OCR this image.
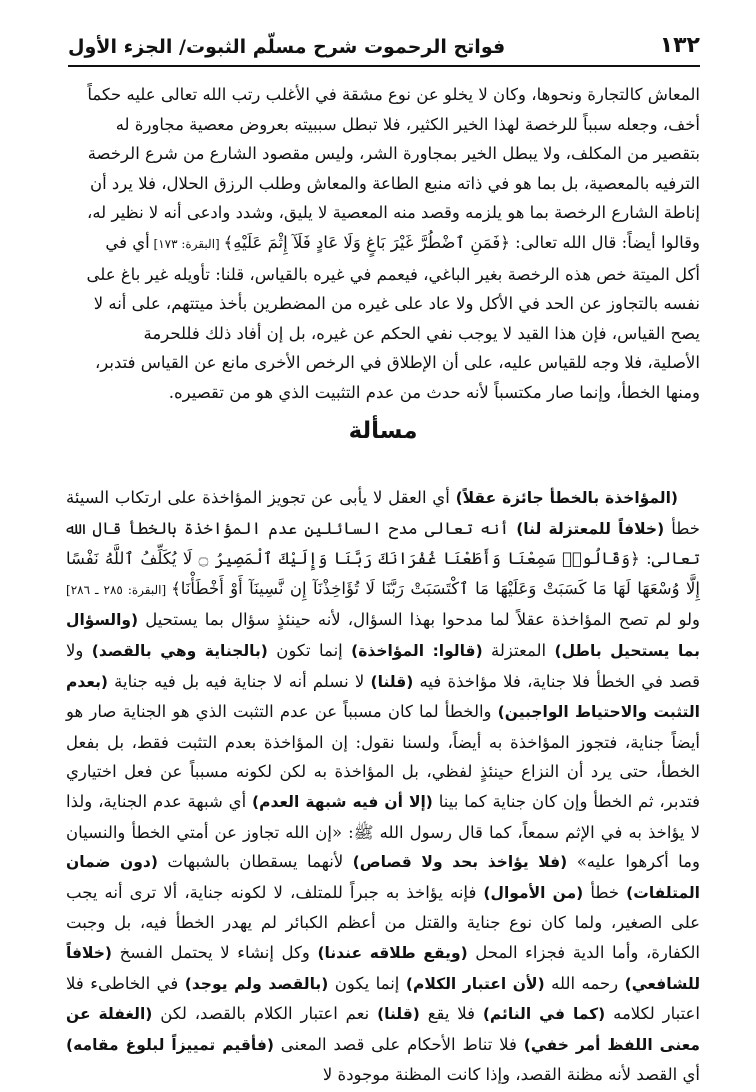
١٣٢
فواتح الرحموت شرح مسلّم الثبوت/ الجزء الأول
المعاش كالتجارة ونحوها، وكان لا يخلو عن نوع مشقة في الأغلب رتب الله تعالى عليه حكماً
أخف، وجعله سبباً للرخصة لهذا الخير الكثير، فلا تبطل سببيته بعروض معصية مجاورة له
بتقصير من المكلف، ولا يبطل الخير بمجاورة الشر، وليس مقصود الشارع من شرع الرخصة
الترفيه بالمعصية، بل بما هو في ذاته منبع الطاعة والمعاش وطلب الرزق الحلال، فلا يرد أن
إناطة الشارع الرخصة بما هو يلزمه وقصد منه المعصية لا يليق، وشدد وادعى أنه لا نظير له،
وقالوا أيضاً: قال الله تعالى: ﴿فَمَنِ ٱضْطُرَّ غَيْرَ بَاغٍ وَلَا عَادٍ فَلَآ إِثْمَ عَلَيْهِ﴾ [البقرة: ١٧٣] أي في
أكل الميتة خص هذه الرخصة بغير الباغي، فيعمم في غيره بالقياس، قلنا: تأويله غير باغ على
نفسه بالتجاوز عن الحد في الأكل ولا عاد على غيره من المضطرين بأخذ ميتتهم، على أنه لا
يصح القياس، فإن هذا القيد لا يوجب نفي الحكم عن غيره، بل إن أفاد ذلك فللحرمة
الأصلية، فلا وجه للقياس عليه، على أن الإطلاق في الرخص الأخرى مانع عن القياس فتدبر،
ومنها الخطأ، وإنما صار مكتسباً لأنه حدث من عدم التثبيت الذي هو من تقصيره.
مسألة
(المؤاخذة بالخطأ جائزة عقلاً) أي العقل لا يأبى عن تجويز المؤاخذة على ارتكاب السيئة خطأ (خلافاً للمعتزلة لنا) أنه تعالى مدح السائلين عدم المؤاخذة بالخطأ قال الله تعالى: ﴿وَقَالُوا۟ سَمِعْنَا وَأَطَعْنَا غُفْرَانَكَ رَبَّنَا وَإِلَيْكَ ٱلْمَصِيرُ ۝ لَا يُكَلِّفُ ٱللَّهُ نَفْسًا إِلَّا وُسْعَهَا لَهَا مَا كَسَبَتْ وَعَلَيْهَا مَا ٱكْتَسَبَتْ رَبَّنَا لَا تُؤَاخِذْنَآ إِن نَّسِينَآ أَوْ أَخْطَأْنَا﴾ [البقرة: ٢٨٥ ـ ٢٨٦] ولو لم تصح المؤاخذة عقلاً لما مدحوا بهذا السؤال، لأنه حينئذٍ سؤال بما يستحيل (والسؤال بما يستحيل باطل) المعتزلة (قالوا: المؤاخذة) إنما تكون (بالجناية وهي بالقصد) ولا قصد في الخطأ فلا جناية، فلا مؤاخذة فيه (قلنا) لا نسلم أنه لا جناية فيه بل فيه جناية (بعدم التثبت والاحتياط الواجبين) والخطأ لما كان مسبباً عن عدم التثبت الذي هو الجناية صار هو أيضاً جناية، فتجوز المؤاخذة به أيضاً، ولسنا نقول: إن المؤاخذة بعدم التثبت فقط، بل بفعل الخطأ، حتى يرد أن النزاع حينئذٍ لفظي، بل المؤاخذة به لكن لكونه مسبباً عن فعل اختياري فتدبر، ثم الخطأ وإن كان جناية كما بينا (إلا أن فيه شبهة العدم) أي شبهة عدم الجناية، ولذا لا يؤاخذ به في الإثم سمعاً، كما قال رسول الله ﷺ: «إن الله تجاوز عن أمتي الخطأ والنسيان وما أكرهوا عليه» (فلا يؤاخذ بحد ولا قصاص) لأنهما يسقطان بالشبهات (دون ضمان المتلفات) خطأ (من الأموال) فإنه يؤاخذ به جبراً للمتلف، لا لكونه جناية، ألا ترى أنه يجب على الصغير، ولما كان نوع جناية والقتل من أعظم الكبائر لم يهدر الخطأ فيه، بل وجبت الكفارة، وأما الدية فجزاء المحل (ويقع طلاقه عندنا) وكل إنشاء لا يحتمل الفسخ (خلافاً للشافعي) رحمه الله (لأن اعتبار الكلام) إنما يكون (بالقصد ولم يوجد) في الخاطىء فلا اعتبار لكلامه (كما في النائم) فلا يقع (قلنا) نعم اعتبار الكلام بالقصد، لكن (الغفلة عن معنى اللفظ أمر خفي) فلا تناط الأحكام على قصد المعنى (فأقيم تمييزاً لبلوغ مقامه) أي القصد لأنه مظنة القصد، وإذا كانت المظنة موجودة لا
